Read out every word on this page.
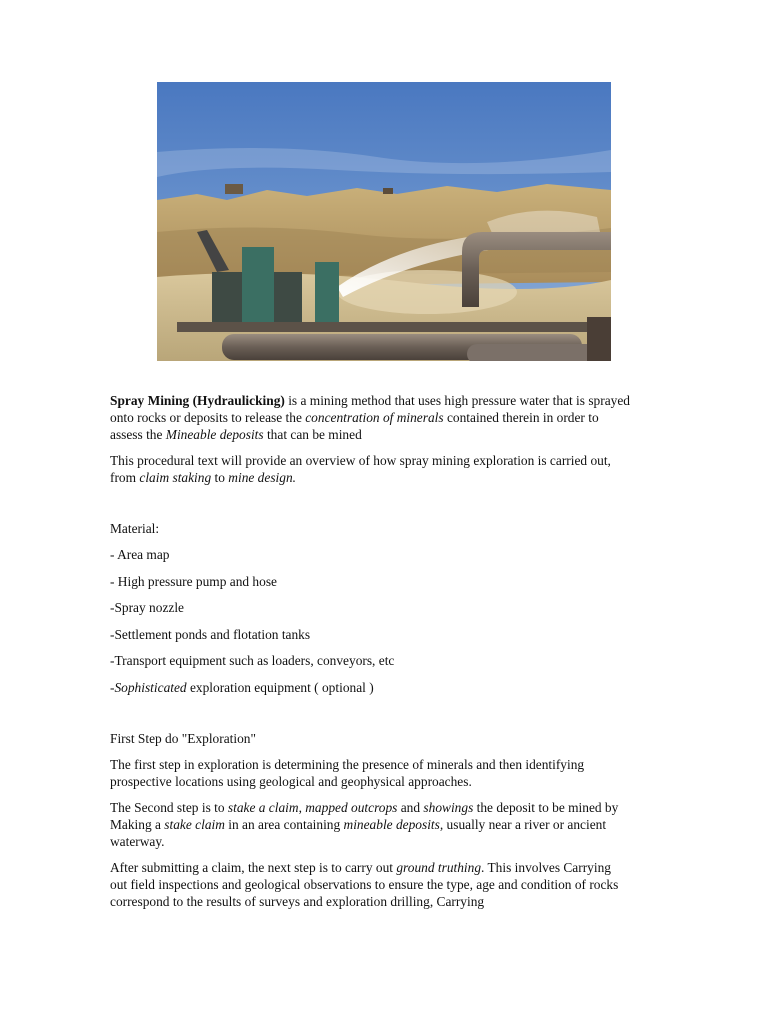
Spray Mining (Hydraulicking) is a mining method that uses high pressure water that is sprayed onto rocks or deposits to release the concentration of minerals contained therein in order to assess the Mineable deposits that can be mined

This procedural text will provide an overview of how spray mining exploration is carried out, from claim staking to mine design.

Material:

- Area map

- High pressure pump and hose

-Spray nozzle

-Settlement ponds and flotation tanks

-Transport equipment such as loaders, conveyors, etc

-Sophisticated exploration equipment ( optional )

First Step do "Exploration"

The first step in exploration is determining the presence of minerals and then identifying prospective locations using geological and geophysical approaches.

The Second step is to stake a claim, mapped outcrops and showings the deposit to be mined by Making a stake claim in an area containing mineable deposits, usually near a river or ancient waterway.

After submitting a claim, the next step is to carry out ground truthing. This involves Carrying out field inspections and geological observations to ensure the type, age and condition of rocks correspond to the results of surveys and exploration drilling, Carrying
